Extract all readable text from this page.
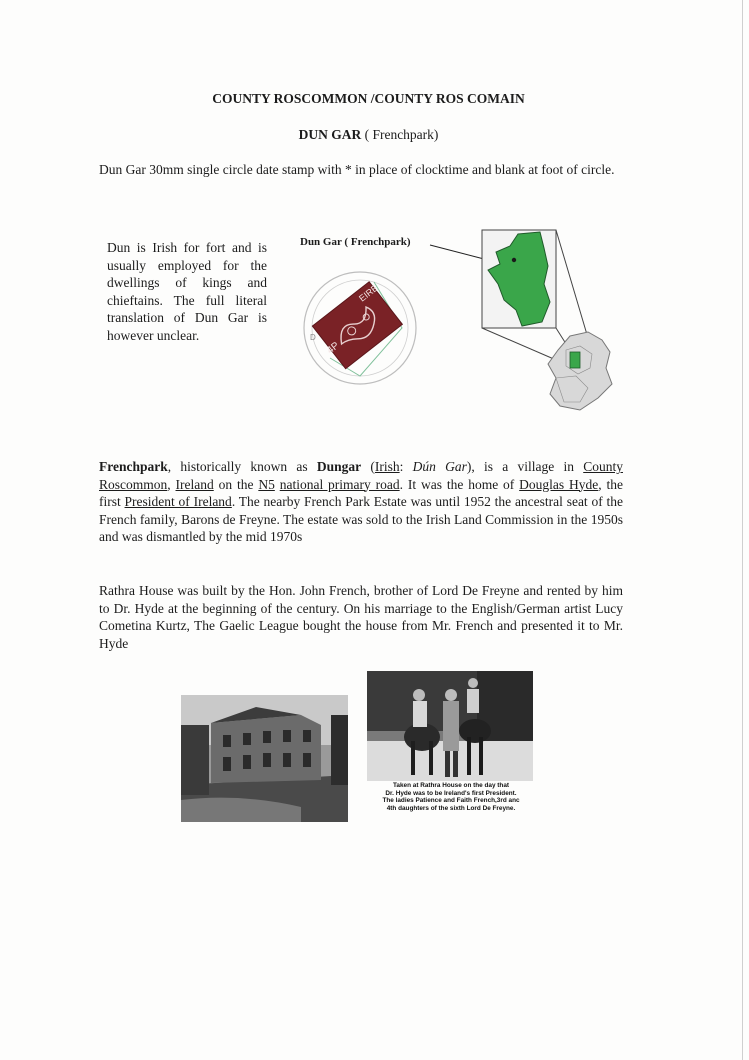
COUNTY ROSCOMMON /COUNTY ROS COMAIN
DUN GAR ( Frenchpark)
Dun Gar 30mm single circle date stamp with * in place of clocktime and blank at foot of circle.
Dun is Irish for fort and is usually employed for the dwellings of kings and chieftains. The full literal translation of Dun Gar is however unclear.
Dun Gar ( Frenchpark)
EIRE
4P
D
Frenchpark, historically known as Dungar (Irish: Dún Gar), is a village in County Roscommon, Ireland on the N5 national primary road. It was the home of Douglas Hyde, the first President of Ireland. The nearby French Park Estate was until 1952 the ancestral seat of the French family, Barons de Freyne. The estate was sold to the Irish Land Commission in the 1950s and was dismantled by the mid 1970s
Rathra House was built by the Hon. John French, brother of Lord De Freyne and rented by him to Dr. Hyde at the beginning of the century. On his marriage to the English/German artist Lucy Cometina Kurtz, The Gaelic League bought the house from Mr. French and presented it to Mr. Hyde
Taken at Rathra House on the day that
Dr. Hyde was to be Ireland's first President.
The ladies Patience and Faith French,3rd anc
4th daughters of the sixth Lord De Freyne.
